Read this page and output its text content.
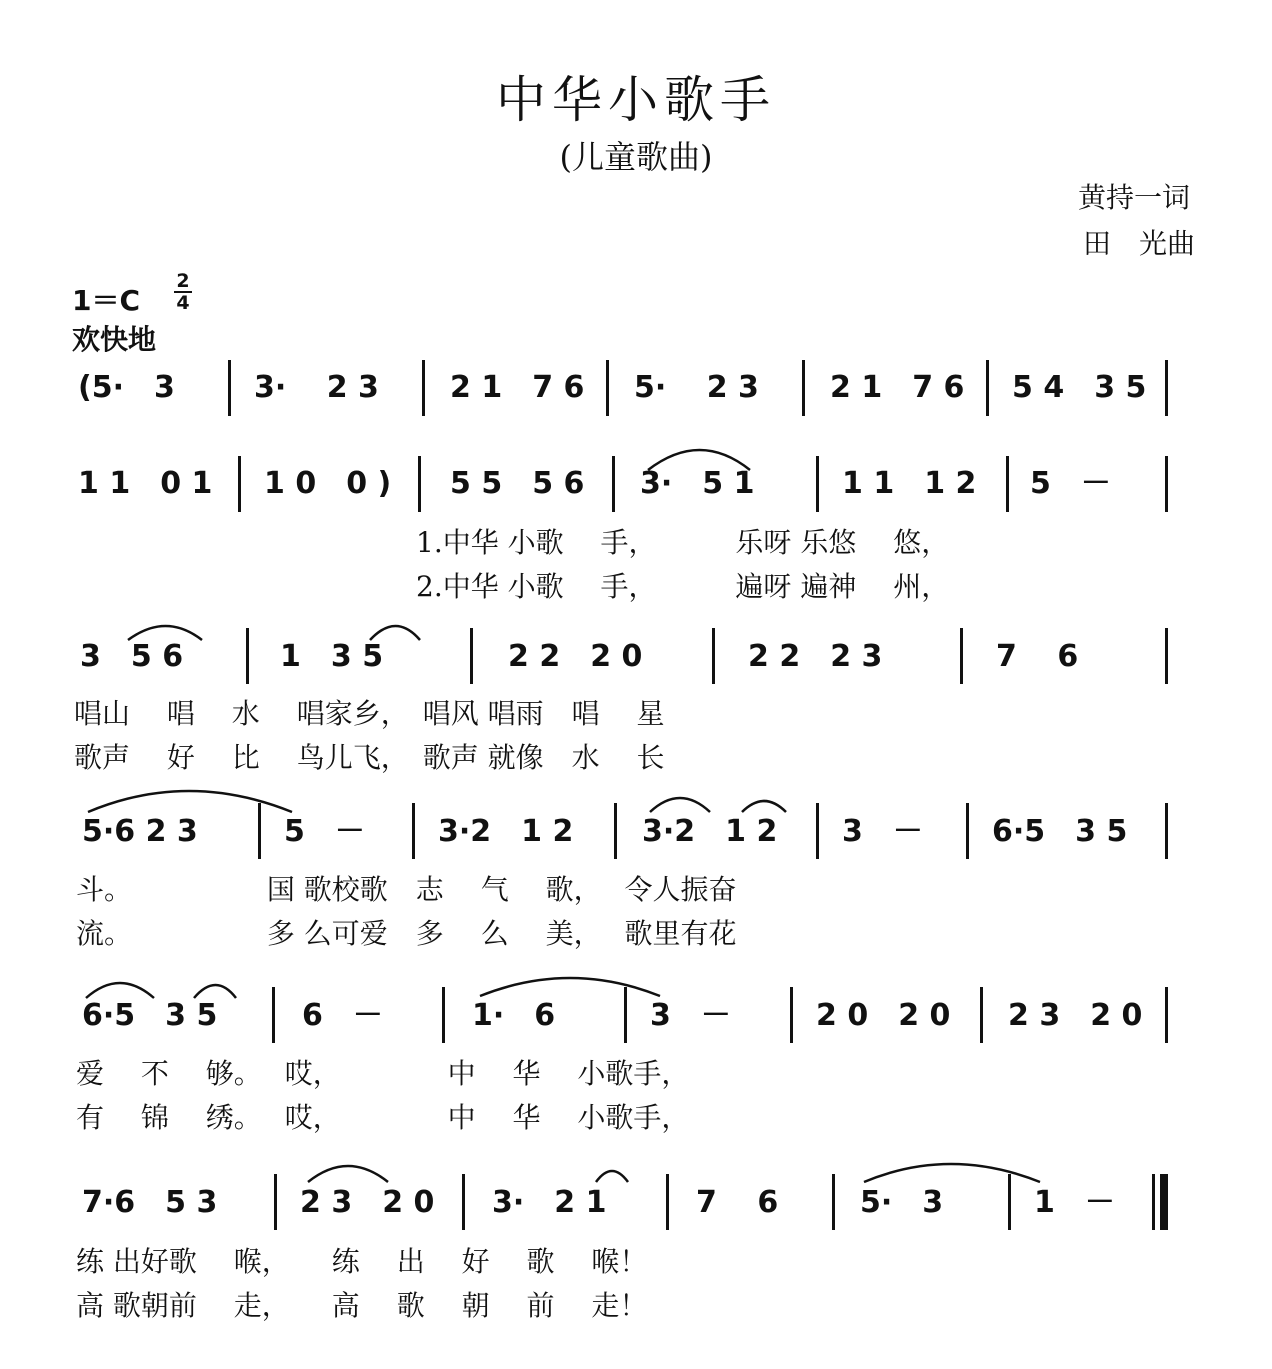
中华小歌手
(儿童歌曲)
黄持一词
田　光曲
1＝C
2
4
欢快地
(5·　3	3·　 2 3 2 1　7 6 5·　 2 3 2 1　7 6 5 4　3 5
1 1　0 1 1 0　0 ) 5 5　5 6 3·　5 1	1 1　1 2 5　－
1.中华 小歌　 手，　　　 乐呀 乐悠　 悠，
2.中华 小歌　 手，　　　 遍呀 遍神　 州，
3　5 6	1　3 5	2 2　2 0	2 2　2 3	7　 6
唱山　 唱　 水　 唱家乡，　唱风 唱雨　唱　 星
歌声　 好　 比　 鸟儿飞，　歌声 就像　水　 长
5·6 2 3	5　－ 3·2　1 2 3·2　1 2 3　－ 6·5　3 5
斗。　　　　　 国 歌校歌　志　 气　 歌，　 令人振奋
流。　　　　　 多 么可爱　多　 么　 美，　 歌里有花
6·5　3 5	6　－	1·　6	3　－	2 0　2 0 2 3　2 0
爱　 不　 够。　 哎，　　　　 中　 华　 小歌手，
有　 锦　 绣。　 哎，　　　　 中　 华　 小歌手，
7·6　5 3	2 3　2 0 3·　2 1	7　 6	5·　3	1　－
练 出好歌　 喉，　　练　 出　 好　 歌　 喉！
高 歌朝前　 走，　　高　 歌　 朝　 前　 走！
